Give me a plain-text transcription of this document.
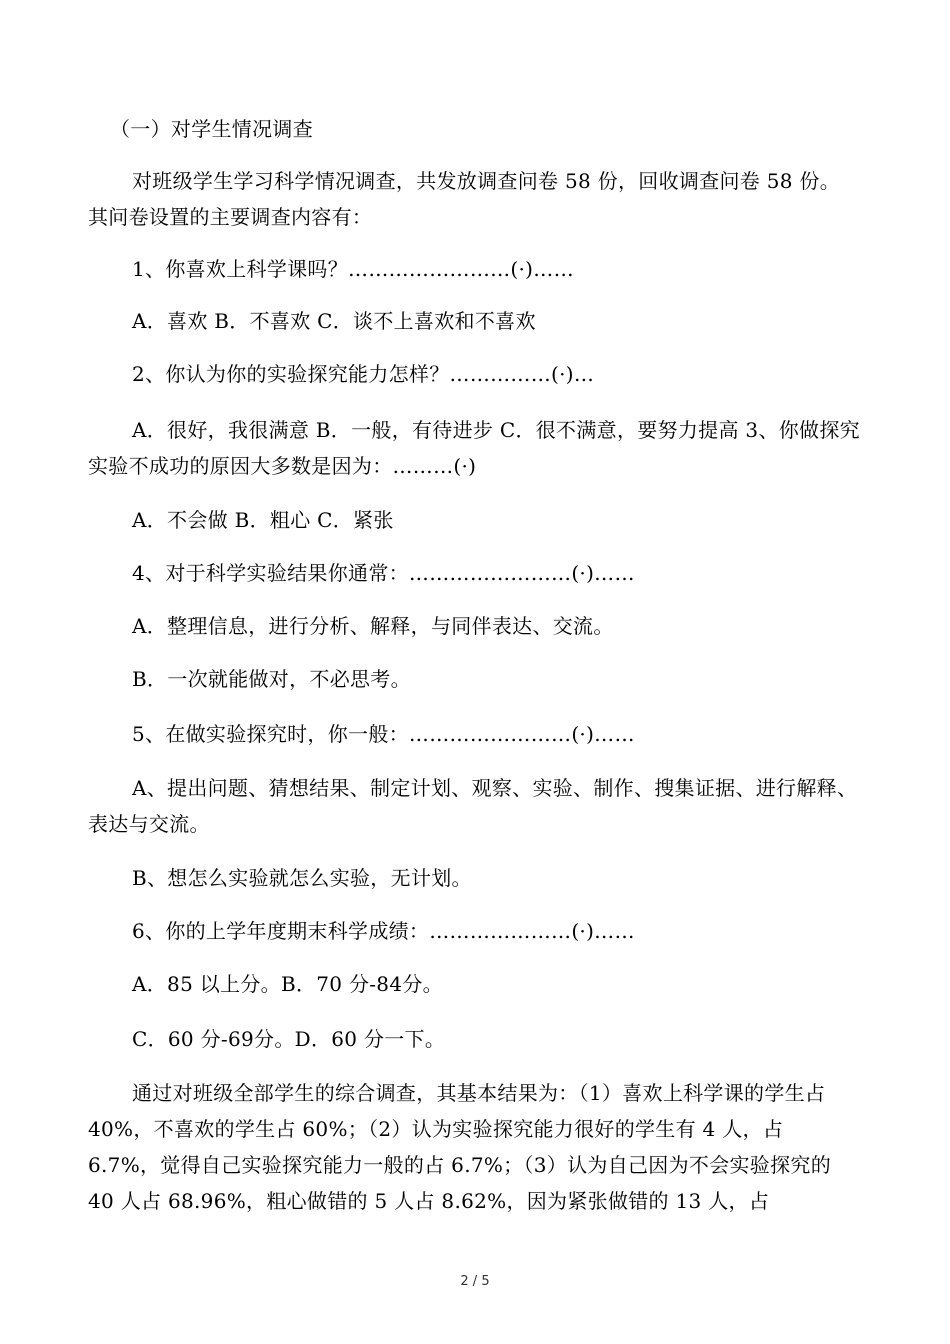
（一）对学生情况调查

对班级学生学习科学情况调查，共发放调查问卷 58 份，回收调查问卷 58 份。其问卷设置的主要调查内容有：

1、你喜欢上科学课吗？……………………(·)……

A．喜欢 B．不喜欢 C．谈不上喜欢和不喜欢

2、你认为你的实验探究能力怎样？……………(·)…

A．很好，我很满意 B．一般，有待进步 C．很不满意，要努力提高 3、你做探究实验不成功的原因大多数是因为：………(·)

A．不会做 B．粗心 C．紧张

4、对于科学实验结果你通常：……………………(·)……

A．整理信息，进行分析、解释，与同伴表达、交流。

B．一次就能做对，不必思考。

5、在做实验探究时，你一般：……………………(·)……

A、提出问题、猜想结果、制定计划、观察、实验、制作、搜集证据、进行解释、表达与交流。

B、想怎么实验就怎么实验，无计划。

6、你的上学年度期末科学成绩：…………………(·)……

A．85 以上分。B．70 分-84分。

C．60 分-69分。D．60 分一下。

通过对班级全部学生的综合调查，其基本结果为：（1）喜欢上科学课的学生占 40%，不喜欢的学生占 60%；（2）认为实验探究能力很好的学生有 4 人，占 6.7%，觉得自己实验探究能力一般的占 6.7%；（3）认为自己因为不会实验探究的 40 人占 68.96%，粗心做错的 5 人占 8.62%，因为紧张做错的 13 人，占

2 / 5
